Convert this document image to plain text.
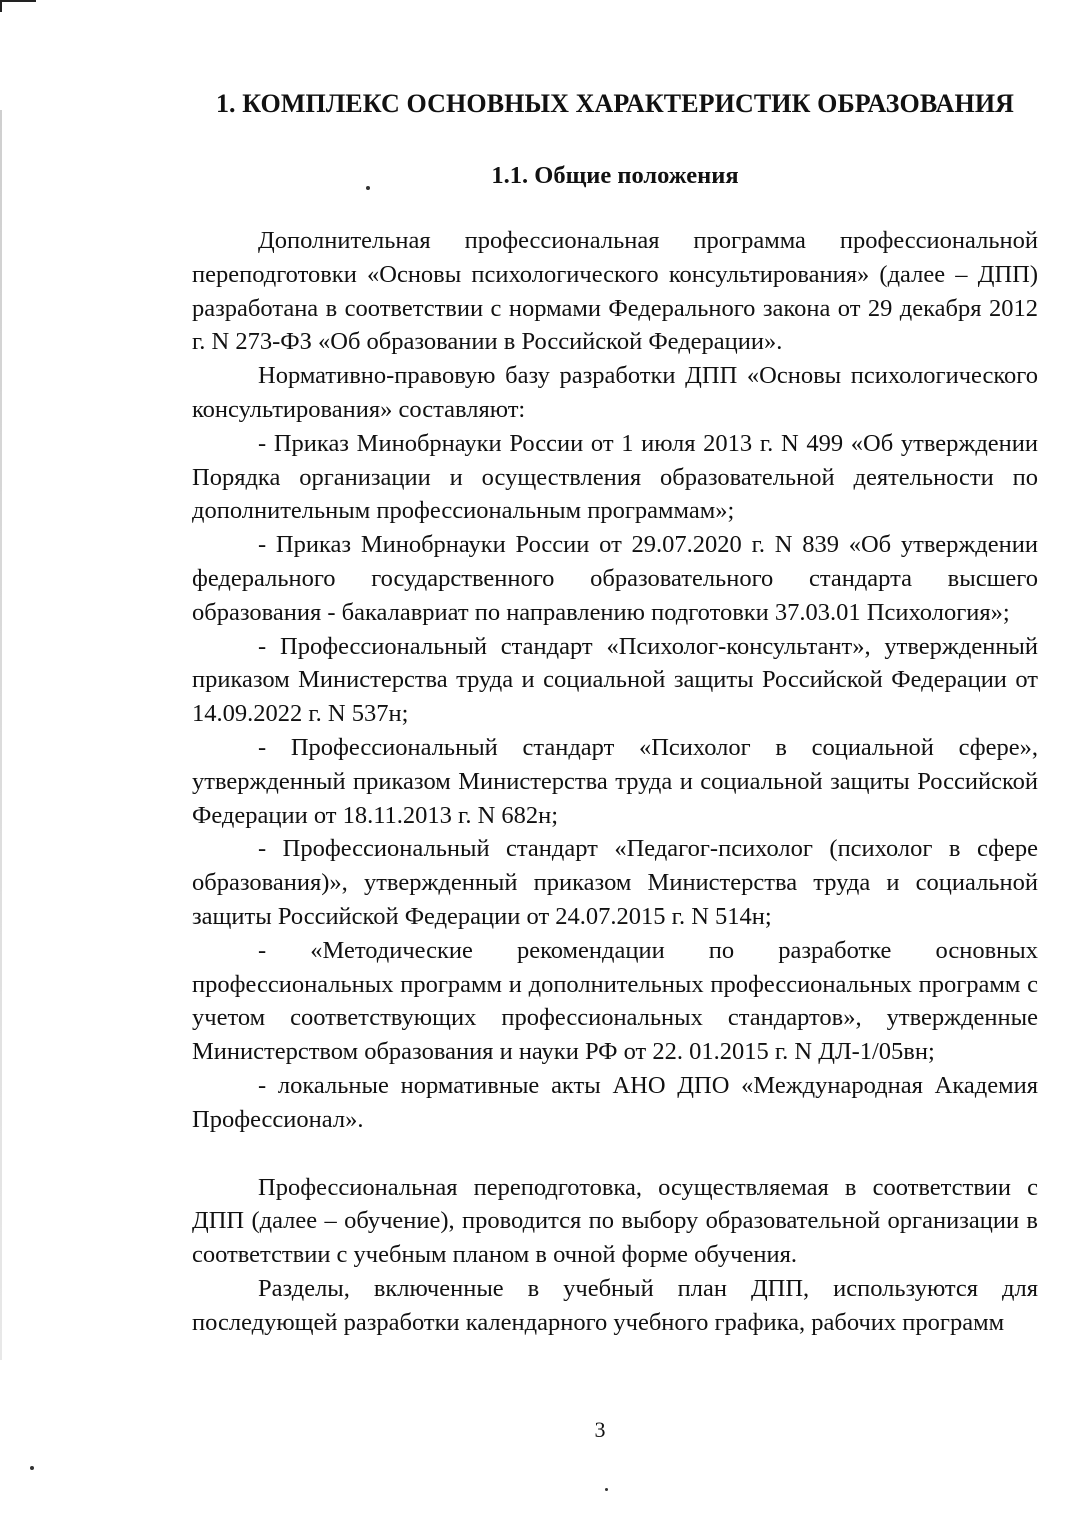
1. КОМПЛЕКС ОСНОВНЫХ ХАРАКТЕРИСТИК ОБРАЗОВАНИЯ
1.1. Общие положения

Дополнительная профессиональная программа профессиональной переподготовки «Основы психологического консультирования» (далее – ДПП) разработана в соответствии с нормами Федерального закона от 29 декабря 2012 г. N 273-ФЗ «Об образовании в Российской Федерации».

Нормативно-правовую базу разработки ДПП «Основы психологического консультирования» составляют:

- Приказ Минобрнауки России от 1 июля 2013 г. N 499 «Об утверждении Порядка организации и осуществления образовательной деятельности по дополнительным профессиональным программам»;

- Приказ Минобрнауки России от 29.07.2020 г. N 839 «Об утверждении федерального государственного образовательного стандарта высшего образования - бакалавриат по направлению подготовки 37.03.01 Психология»;

- Профессиональный стандарт «Психолог-консультант», утвержденный приказом Министерства труда и социальной защиты Российской Федерации от 14.09.2022 г. N 537н;

- Профессиональный стандарт «Психолог в социальной сфере», утвержденный приказом Министерства труда и социальной защиты Российской Федерации от 18.11.2013 г. N 682н;

- Профессиональный стандарт «Педагог-психолог (психолог в сфере образования)», утвержденный приказом Министерства труда и социальной защиты Российской Федерации от 24.07.2015 г. N 514н;

- «Методические рекомендации по разработке основных профессиональных программ и дополнительных профессиональных программ с учетом соответствующих профессиональных стандартов», утвержденные Министерством образования и науки РФ от 22. 01.2015 г. N ДЛ-1/05вн;

- локальные нормативные акты АНО ДПО «Международная Академия Профессионал».

Профессиональная переподготовка, осуществляемая в соответствии с ДПП (далее – обучение), проводится по выбору образовательной организации в соответствии с учебным планом в очной форме обучения.

Разделы, включенные в учебный план ДПП, используются для последующей разработки календарного учебного графика, рабочих программ

3
